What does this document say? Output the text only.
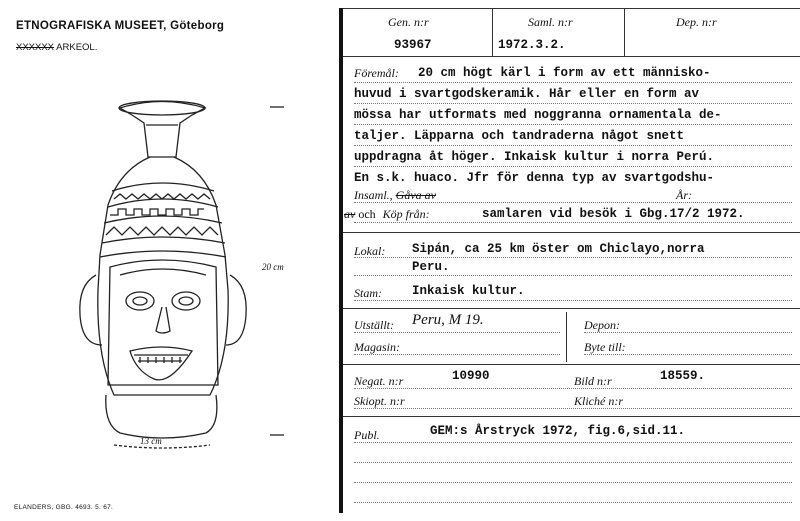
ETNOGRAFISKA MUSEET, Göteborg
XXXXXX ARKEOL.
20 cm
13 cm
ELANDERS, GBG. 4693. 5. 67.
Gen. n:r	Saml. n:r	Dep. n:r
93967	1972.3.2.
Föremål: 20 cm högt kärl i form av ett människo-
huvud i svartgodskeramik. Hår eller en form av
mössa har utformats med noggranna ornamentala de-
taljer. Läpparna och tandraderna något snett
uppdragna åt höger. Inkaisk kultur i norra Perú.
Insaml., Gåva av	År:
av och Köp från:	samlaren vid besök i Gbg.17/2 1972.
Lokal: Sipán, ca 25 km öster om Chiclayo,norra
Peru.
Stam: Inkaisk kultur.
Utställt: Peru, M 19.	Depon:
Magasin:	Byte till:
Negat. n:r	10990	Bild n:r	18559.
Skiopt. n:r	Kliché n:r
Publ.	GEM:s Årstryck 1972, fig.6,sid.11.
En s.k. huaco. Jfr för denna typ av svartgodshu-
